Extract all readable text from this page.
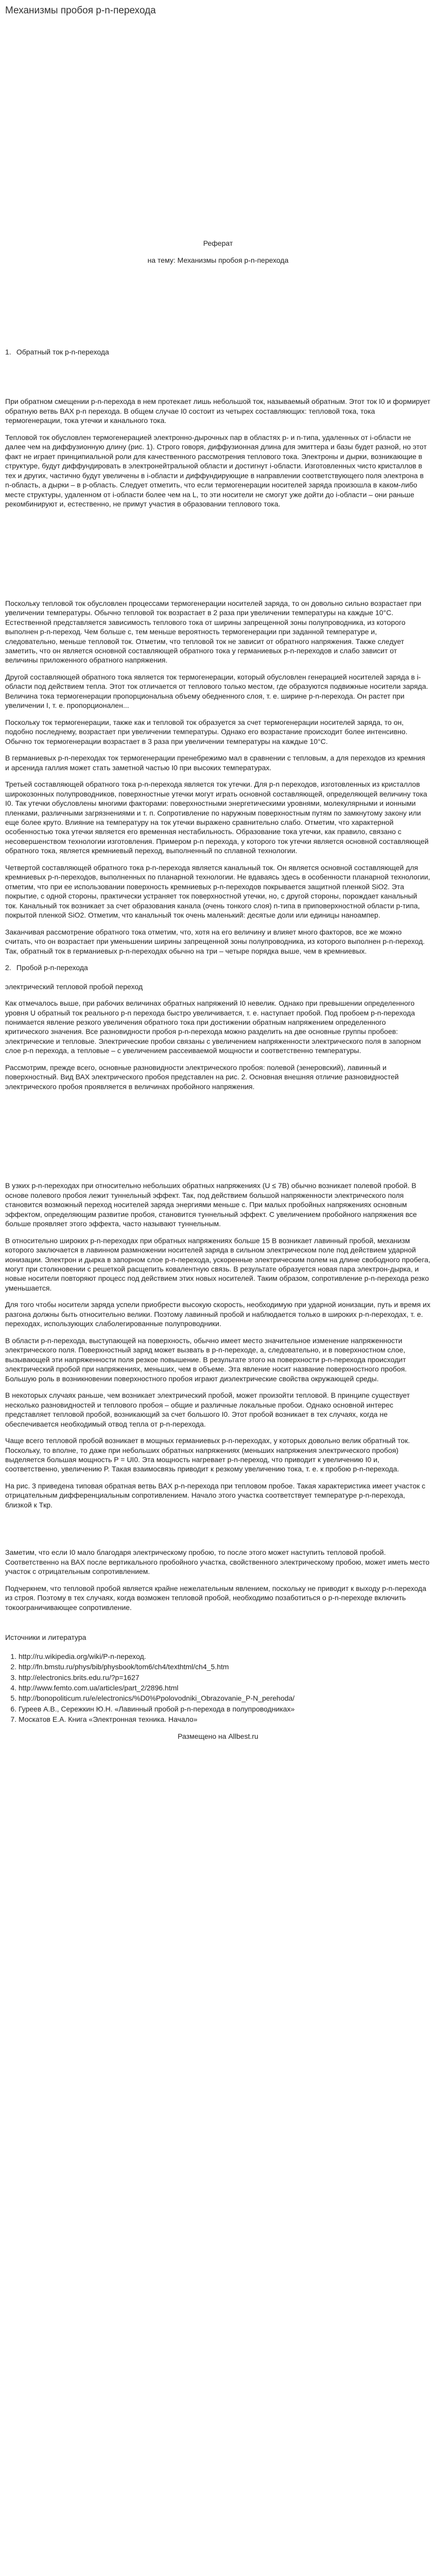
Механизмы пробоя p-n-перехода
Реферат
на тему: Механизмы пробоя p-n-перехода
1. Обратный ток p-n-перехода

При обратном смещении p-n-перехода в нем протекает лишь небольшой ток, называемый обратным. Этот ток I0 и формирует обратную ветвь ВАХ p-n перехода. В общем случае I0 состоит из четырех составляющих: тепловой тока, тока термогенерации, тока утечки и канального тока.

Тепловой ток обусловлен термогенерацией электронно-дырочных пар в областях p- и n-типа, удаленных от i-области не далее чем на диффузионную длину (рис. 1). Строго говоря, диффузионная длина для эмиттера и базы будет разной, но этот факт не играет принципиальной роли для качественного рассмотрения теплового тока. Электроны и дырки, возникающие в структуре, будут диффундировать в электронейтральной области и достигнут i-области. Изготовленных чисто кристаллов в тех и других, частично будут увеличены в i-области и диффундирующие в направлении соответствующего поля электрона в n-область, а дырки – в p-область. Следует отметить, что если термогенерации носителей заряда произошла в каком-либо месте структуры, удаленном от i-области более чем на L, то эти носители не смогут уже дойти до i-области – они раньше рекомбинируют и, естественно, не примут участия в образовании теплового тока.

Поскольку тепловой ток обусловлен процессами термогенерации носителей заряда, то он довольно сильно возрастает при увеличении температуры. Обычно тепловой ток возрастает в 2 раза при увеличении температуры на каждые 10°C. Естественной представляется зависимость теплового тока от ширины запрещенной зоны полупроводника, из которого выполнен p-n-переход. Чем больше с, тем меньше вероятность термогенерации при заданной температуре и, следовательно, меньше тепловой ток. Отметим, что тепловой ток не зависит от обратного напряжения. Также следует заметить, что он является основной составляющей обратного тока у германиевых p-n-переходов и слабо зависит от величины приложенного обратного напряжения.

Другой составляющей обратного тока является ток термогенерации, который обусловлен генерацией носителей заряда в i-области под действием тепла. Этот ток отличается от теплового только местом, где образуются подвижные носители заряда. Величина тока термогенерации пропорциональна объему обедненного слоя, т. е. ширине p-n-перехода. Он растет при увеличении I, т. е. пропорционален...

Поскольку ток термогенерации, также как и тепловой ток образуется за счет термогенерации носителей заряда, то он, подобно последнему, возрастает при увеличении температуры. Однако его возрастание происходит более интенсивно. Обычно ток термогенерации возрастает в 3 раза при увеличении температуры на каждые 10°C.

В германиевых p-n-переходах ток термогенерации пренебрежимо мал в сравнении с тепловым, а для переходов из кремния и арсенида галлия может стать заметной частью I0 при высоких температурах.

Третьей составляющей обратного тока p-n-перехода является ток утечки. Для p-n переходов, изготовленных из кристаллов широкозонных полупроводников, поверхностные утечки могут играть основной составляющей, определяющей величину тока I0. Так утечки обусловлены многими факторами: поверхностными энергетическими уровнями, молекулярными и ионными пленками, различными загрязнениями и т. п. Сопротивление по наружным поверхностным путям по замкнутому закону или еще более круто. Влияние на температуру на ток утечки выражено сравнительно слабо. Отметим, что характерной особенностью тока утечки является его временная нестабильность. Образование тока утечки, как правило, связано с несовершенством технологии изготовления. Примером p-n перехода, у которого ток утечки является основной составляющей обратного тока, является кремниевый переход, выполненный по сплавной технологии.

Четвертой составляющей обратного тока p-n-перехода является канальный ток. Он является основной составляющей для кремниевых p-n-переходов, выполненных по планарной технологии. Не вдаваясь здесь в особенности планарной технологии, отметим, что при ее использовании поверхность кремниевых p-n-переходов покрывается защитной пленкой SiO2. Эта покрытие, с одной стороны, практически устраняет ток поверхностной утечки, но, с другой стороны, порождает канальный ток. Канальный ток возникает за счет образования канала (очень тонкого слоя) n-типа в приповерхностной области p-типа, покрытой пленкой SiO2. Отметим, что канальный ток очень маленький: десятые доли или единицы наноампер.

Заканчивая рассмотрение обратного тока отметим, что, хотя на его величину и влияет много факторов, все же можно считать, что он возрастает при уменьшении ширины запрещенной зоны полупроводника, из которого выполнен p-n-переход. Так, обратный ток в германиевых p-n-переходах обычно на три – четыре порядка выше, чем в кремниевых.

2. Пробой p-n-перехода

электрический тепловой пробой переход

Как отмечалось выше, при рабочих величинах обратных напряжений I0 невелик. Однако при превышении определенного уровня U обратный ток реального p-n перехода быстро увеличивается, т. е. наступает пробой. Под пробоем p-n-перехода понимается явление резкого увеличения обратного тока при достижении обратным напряжением определенного критического значения. Все разновидности пробоя p-n-перехода можно разделить на две основные группы пробоев: электрические и тепловые. Электрические пробои связаны с увеличением напряженности электрического поля в запорном слое p-n перехода, а тепловые – с увеличением рассеиваемой мощности и соответственно температуры.

Рассмотрим, прежде всего, основные разновидности электрического пробоя: полевой (зенеровский), лавинный и поверхностный. Вид ВАХ электрического пробоя представлен на рис. 2. Основная внешняя отличие разновидностей электрического пробоя проявляется в величинах пробойного напряжения.

В узких p-n-переходах при относительно небольших обратных напряжениях (U ≤ 7В) обычно возникает полевой пробой. В основе полевого пробоя лежит туннельный эффект. Так, под действием большой напряженности электрического поля становится возможный переход носителей заряда энергиями меньше с. При малых пробойных напряжениях основным эффектом, определяющим развитие пробоя, становится туннельный эффект. С увеличением пробойного напряжения все больше проявляет этого эффекта, часто называют туннельным.

В относительно широких p-n-переходах при обратных напряжениях больше 15 В возникает лавинный пробой, механизм которого заключается в лавинном размножении носителей заряда в сильном электрическом поле под действием ударной ионизации. Электрон и дырка в запорном слое p-n-перехода, ускоренные электрическим полем на длине свободного пробега, могут при столкновении с решеткой расщепить ковалентную связь. В результате образуется новая пара электрон-дырка, и новые носители повторяют процесс под действием этих новых носителей. Таким образом, сопротивление p-n-перехода резко уменьшается.

Для того чтобы носители заряда успели приобрести высокую скорость, необходимую при ударной ионизации, путь и время их разгона должны быть относительно велики. Поэтому лавинный пробой и наблюдается только в широких p-n-переходах, т. е. переходах, использующих слаболегированные полупроводники.

В области p-n-перехода, выступающей на поверхность, обычно имеет место значительное изменение напряженности электрического поля. Поверхностный заряд может вызвать в p-n-переходе, а, следовательно, и в поверхностном слое, вызывающей эти напряженности поля резкое повышение. В результате этого на поверхности p-n-перехода происходит электрический пробой при напряжениях, меньших, чем в объеме. Эта явление носит название поверхностного пробоя. Большую роль в возникновении поверхностного пробоя играют диэлектрические свойства окружающей среды.

В некоторых случаях раньше, чем возникает электрический пробой, может произойти тепловой. В принципе существует несколько разновидностей и теплового пробоя – общие и различные локальные пробои. Однако основной интерес представляет тепловой пробой, возникающий за счет большого I0. Этот пробой возникает в тех случаях, когда не обеспечивается необходимый отвод тепла от p-n-перехода.

Чаще всего тепловой пробой возникает в мощных германиевых p-n-переходах, у которых довольно велик обратный ток. Поскольку, то вполне, то даже при небольших обратных напряжениях (меньших напряжения электрического пробоя) выделяется большая мощность P = UI0. Эта мощность нагревает p-n-переход, что приводит к увеличению I0 и, соответственно, увеличению P. Такая взаимосвязь приводит к резкому увеличению тока, т. е. к пробою p-n-перехода.

На рис. 3 приведена типовая обратная ветвь ВАХ p-n-перехода при тепловом пробое. Такая характеристика имеет участок с отрицательным дифференциальным сопротивлением. Начало этого участка соответствует температуре p-n-перехода, близкой к Tкр.

Заметим, что если I0 мало благодаря электрическому пробою, то после этого может наступить тепловой пробой. Соответственно на ВАХ после вертикального пробойного участка, свойственного электрическому пробою, может иметь место участок с отрицательным сопротивлением.

Подчеркнем, что тепловой пробой является крайне нежелательным явлением, поскольку не приводит к выходу p-n-перехода из строя. Поэтому в тех случаях, когда возможен тепловой пробой, необходимо позаботиться о p-n-переходе включить токоограничивающее сопротивление.

Источники и литература
1. http://ru.wikipedia.org/wiki/P-n-переход.
2. http://fn.bmstu.ru/phys/bib/physbook/tom6/ch4/texthtml/ch4_5.htm
3. http://electronics.brits.edu.ru/?p=1627
4. http://www.femto.com.ua/articles/part_2/2896.html
5. http://bonopoliticum.ru/e/electronics/%D0%Ppolovodniki_Obrazovanie_P-N_perehoda/
6. Гуреев А.В., Сережкин Ю.Н. «Лавинный пробой p-n-перехода в полупроводниках»
7. Москатов Е.А. Книга «Электронная техника. Начало»
Размещено на Allbest.ru
